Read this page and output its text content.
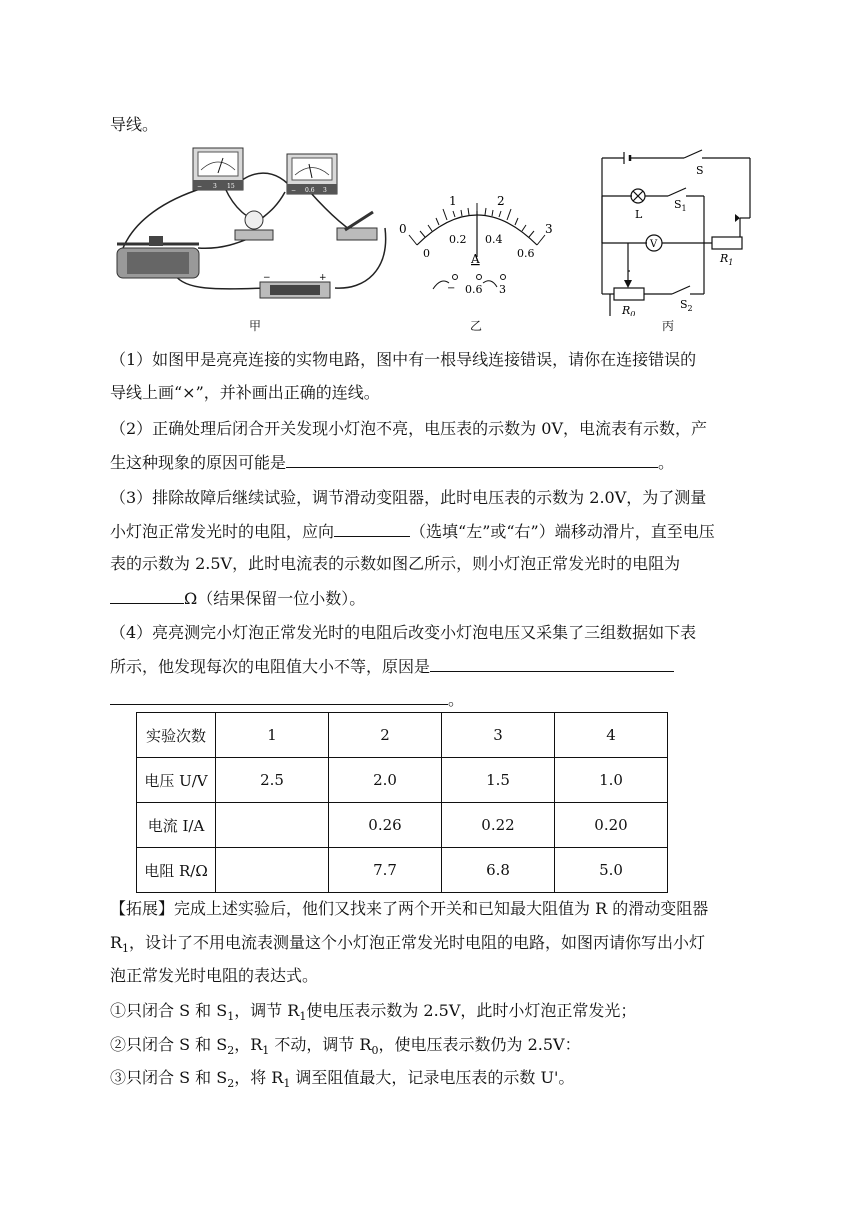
导线。
− 3 15
− 0.6 3
−	+
甲
0
1	2
3
0
0.2 0.4
0.6
A
− 0.6 3
乙
S
L
$S_1$
V
$R_1$
$R_0$
$S_2$
丙
（1）如图甲是亮亮连接的实物电路，图中有一根导线连接错误，请你在连接错误的
导线上画“×”，并补画出正确的连线。
（2）正确处理后闭合开关发现小灯泡不亮，电压表的示数为 0V，电流表有示数，产
生这种现象的原因可能是	。
（3）排除故障后继续试验，调节滑动变阻器，此时电压表的示数为 2.0V，为了测量
小灯泡正常发光时的电阻，应向	（选填“左”或“右”）端移动滑片，直至电压
表的示数为 2.5V，此时电流表的示数如图乙所示，则小灯泡正常发光时的电阻为
Ω（结果保留一位小数）。
（4）亮亮测完小灯泡正常发光时的电阻后改变小灯泡电压又采集了三组数据如下表
所示，他发现每次的电阻值大小不等，原因是
。
实验次数	1	2	3	4
电压 U/V	2.5	2.0	1.5	1.0
电流 I/A		0.26	0.22	0.20
电阻 R/Ω		7.7	6.8	5.0
【拓展】完成上述实验后，他们又找来了两个开关和已知最大阻值为 R 的滑动变阻器
$R_1$，设计了不用电流表测量这个小灯泡正常发光时电阻的电路，如图丙请你写出小灯
泡正常发光时电阻的表达式。
①只闭合 S 和 $S_1$，调节 $R_1$使电压表示数为 2.5V，此时小灯泡正常发光；
②只闭合 S 和 $S_2$，$R_1$ 不动，调节 $R_0$，使电压表示数仍为 2.5V：
③只闭合 S 和 $S_2$，将 $R_1$ 调至阻值最大，记录电压表的示数 U'。
